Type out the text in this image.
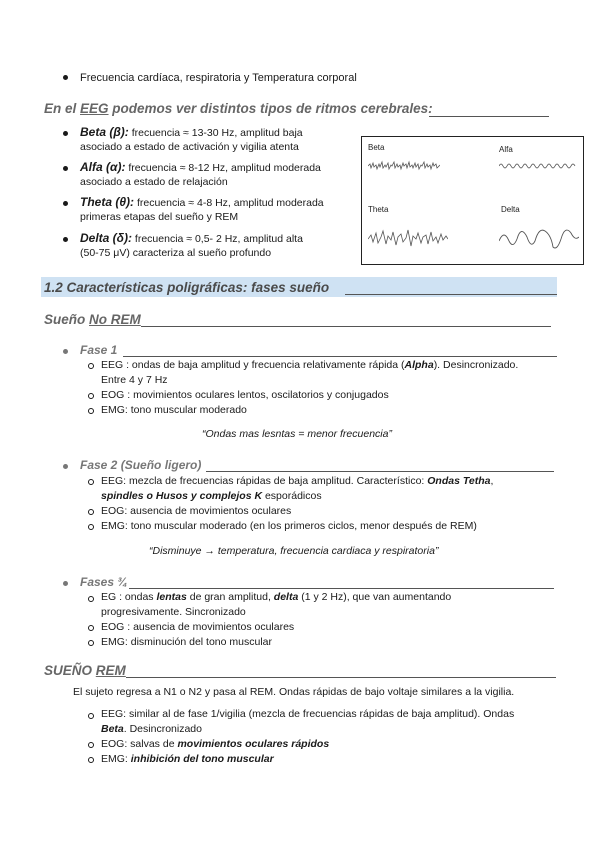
Frecuencia cardíaca, respiratoria y Temperatura corporal
En el EEG podemos ver distintos tipos de ritmos cerebrales:
Beta (β): frecuencia ≈ 13-30 Hz, amplitud baja
asociado a estado de activación y vigilia atenta
Alfa (α): frecuencia ≈ 8-12 Hz, amplitud moderada
asociado a estado de relajación
Theta (θ): frecuencia ≈ 4-8 Hz, amplitud moderada
primeras etapas del sueño y REM
Delta (δ): frecuencia ≈ 0,5- 2 Hz, amplitud alta
(50-75 μV) caracteriza al sueño profundo
Beta	Alfa
Theta	Delta
1.2 Características poligráficas: fases sueño
Sueño No REM
Fase 1
EEG : ondas de baja amplitud y frecuencia relativamente rápida (Alpha). Desincronizado.
Entre 4 y 7 Hz
EOG : movimientos oculares lentos, oscilatorios y conjugados
EMG: tono muscular moderado
“Ondas mas lesntas = menor frecuencia”
Fase 2 (Sueño ligero)
EEG: mezcla de frecuencias rápidas de baja amplitud. Característico: Ondas Tetha,
spindles o Husos y complejos K esporádicos
EOG: ausencia de movimientos oculares
EMG: tono muscular moderado (en los primeros ciclos, menor después de REM)
“Disminuye → temperatura, frecuencia cardiaca y respiratoria”
Fases ¾
EG : ondas lentas de gran amplitud, delta (1 y 2 Hz), que van aumentando
progresivamente. Sincronizado
EOG : ausencia de movimientos oculares
EMG: disminución del tono muscular
SUEÑO REM
El sujeto regresa a N1 o N2 y pasa al REM. Ondas rápidas de bajo voltaje similares a la vigilia.
EEG: similar al de fase 1/vigilia (mezcla de frecuencias rápidas de baja amplitud). Ondas
Beta. Desincronizado
EOG: salvas de movimientos oculares rápidos
EMG: inhibición del tono muscular
